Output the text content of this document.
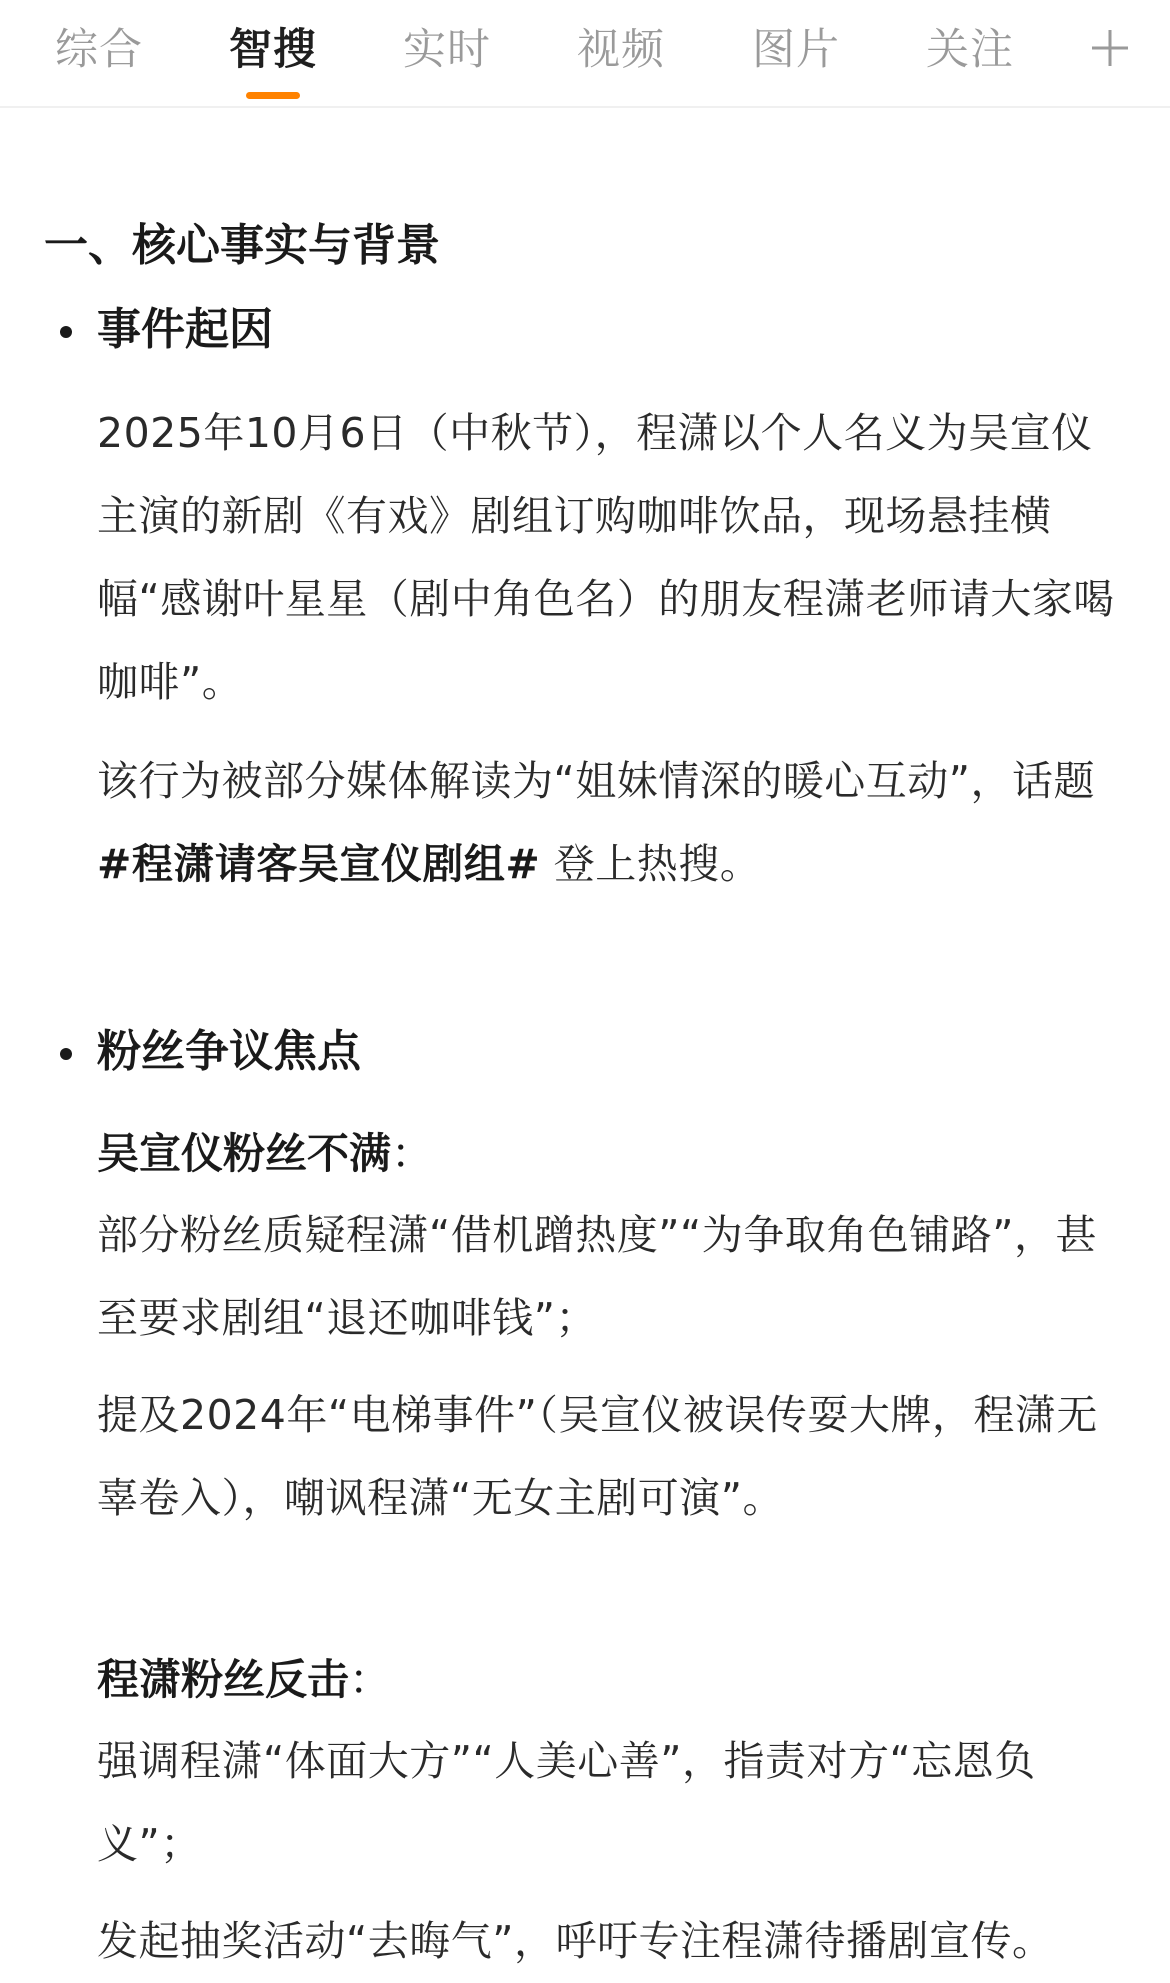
综合 智搜 实时 视频 图片 关注
一、核心事实与背景
事件起因
2025年10月6日（中秋节），程潇以个人名义为吴宣仪主演的新剧《有戏》剧组订购咖啡饮品，现场悬挂横幅“感谢叶星星（剧中角色名）的朋友程潇老师请大家喝咖啡”。
该行为被部分媒体解读为“姐妹情深的暖心互动”，话题 #程潇请客吴宣仪剧组# 登上热搜。
粉丝争议焦点
吴宣仪粉丝不满：
部分粉丝质疑程潇“借机蹭热度”“为争取角色铺路”，甚至要求剧组“退还咖啡钱”；
提及2024年“电梯事件”（吴宣仪被误传耍大牌，程潇无辜卷入），嘲讽程潇“无女主剧可演”。
程潇粉丝反击：
强调程潇“体面大方”“人美心善”，指责对方“忘恩负义”；
发起抽奖活动“去晦气”，呼吁专注程潇待播剧宣传。
